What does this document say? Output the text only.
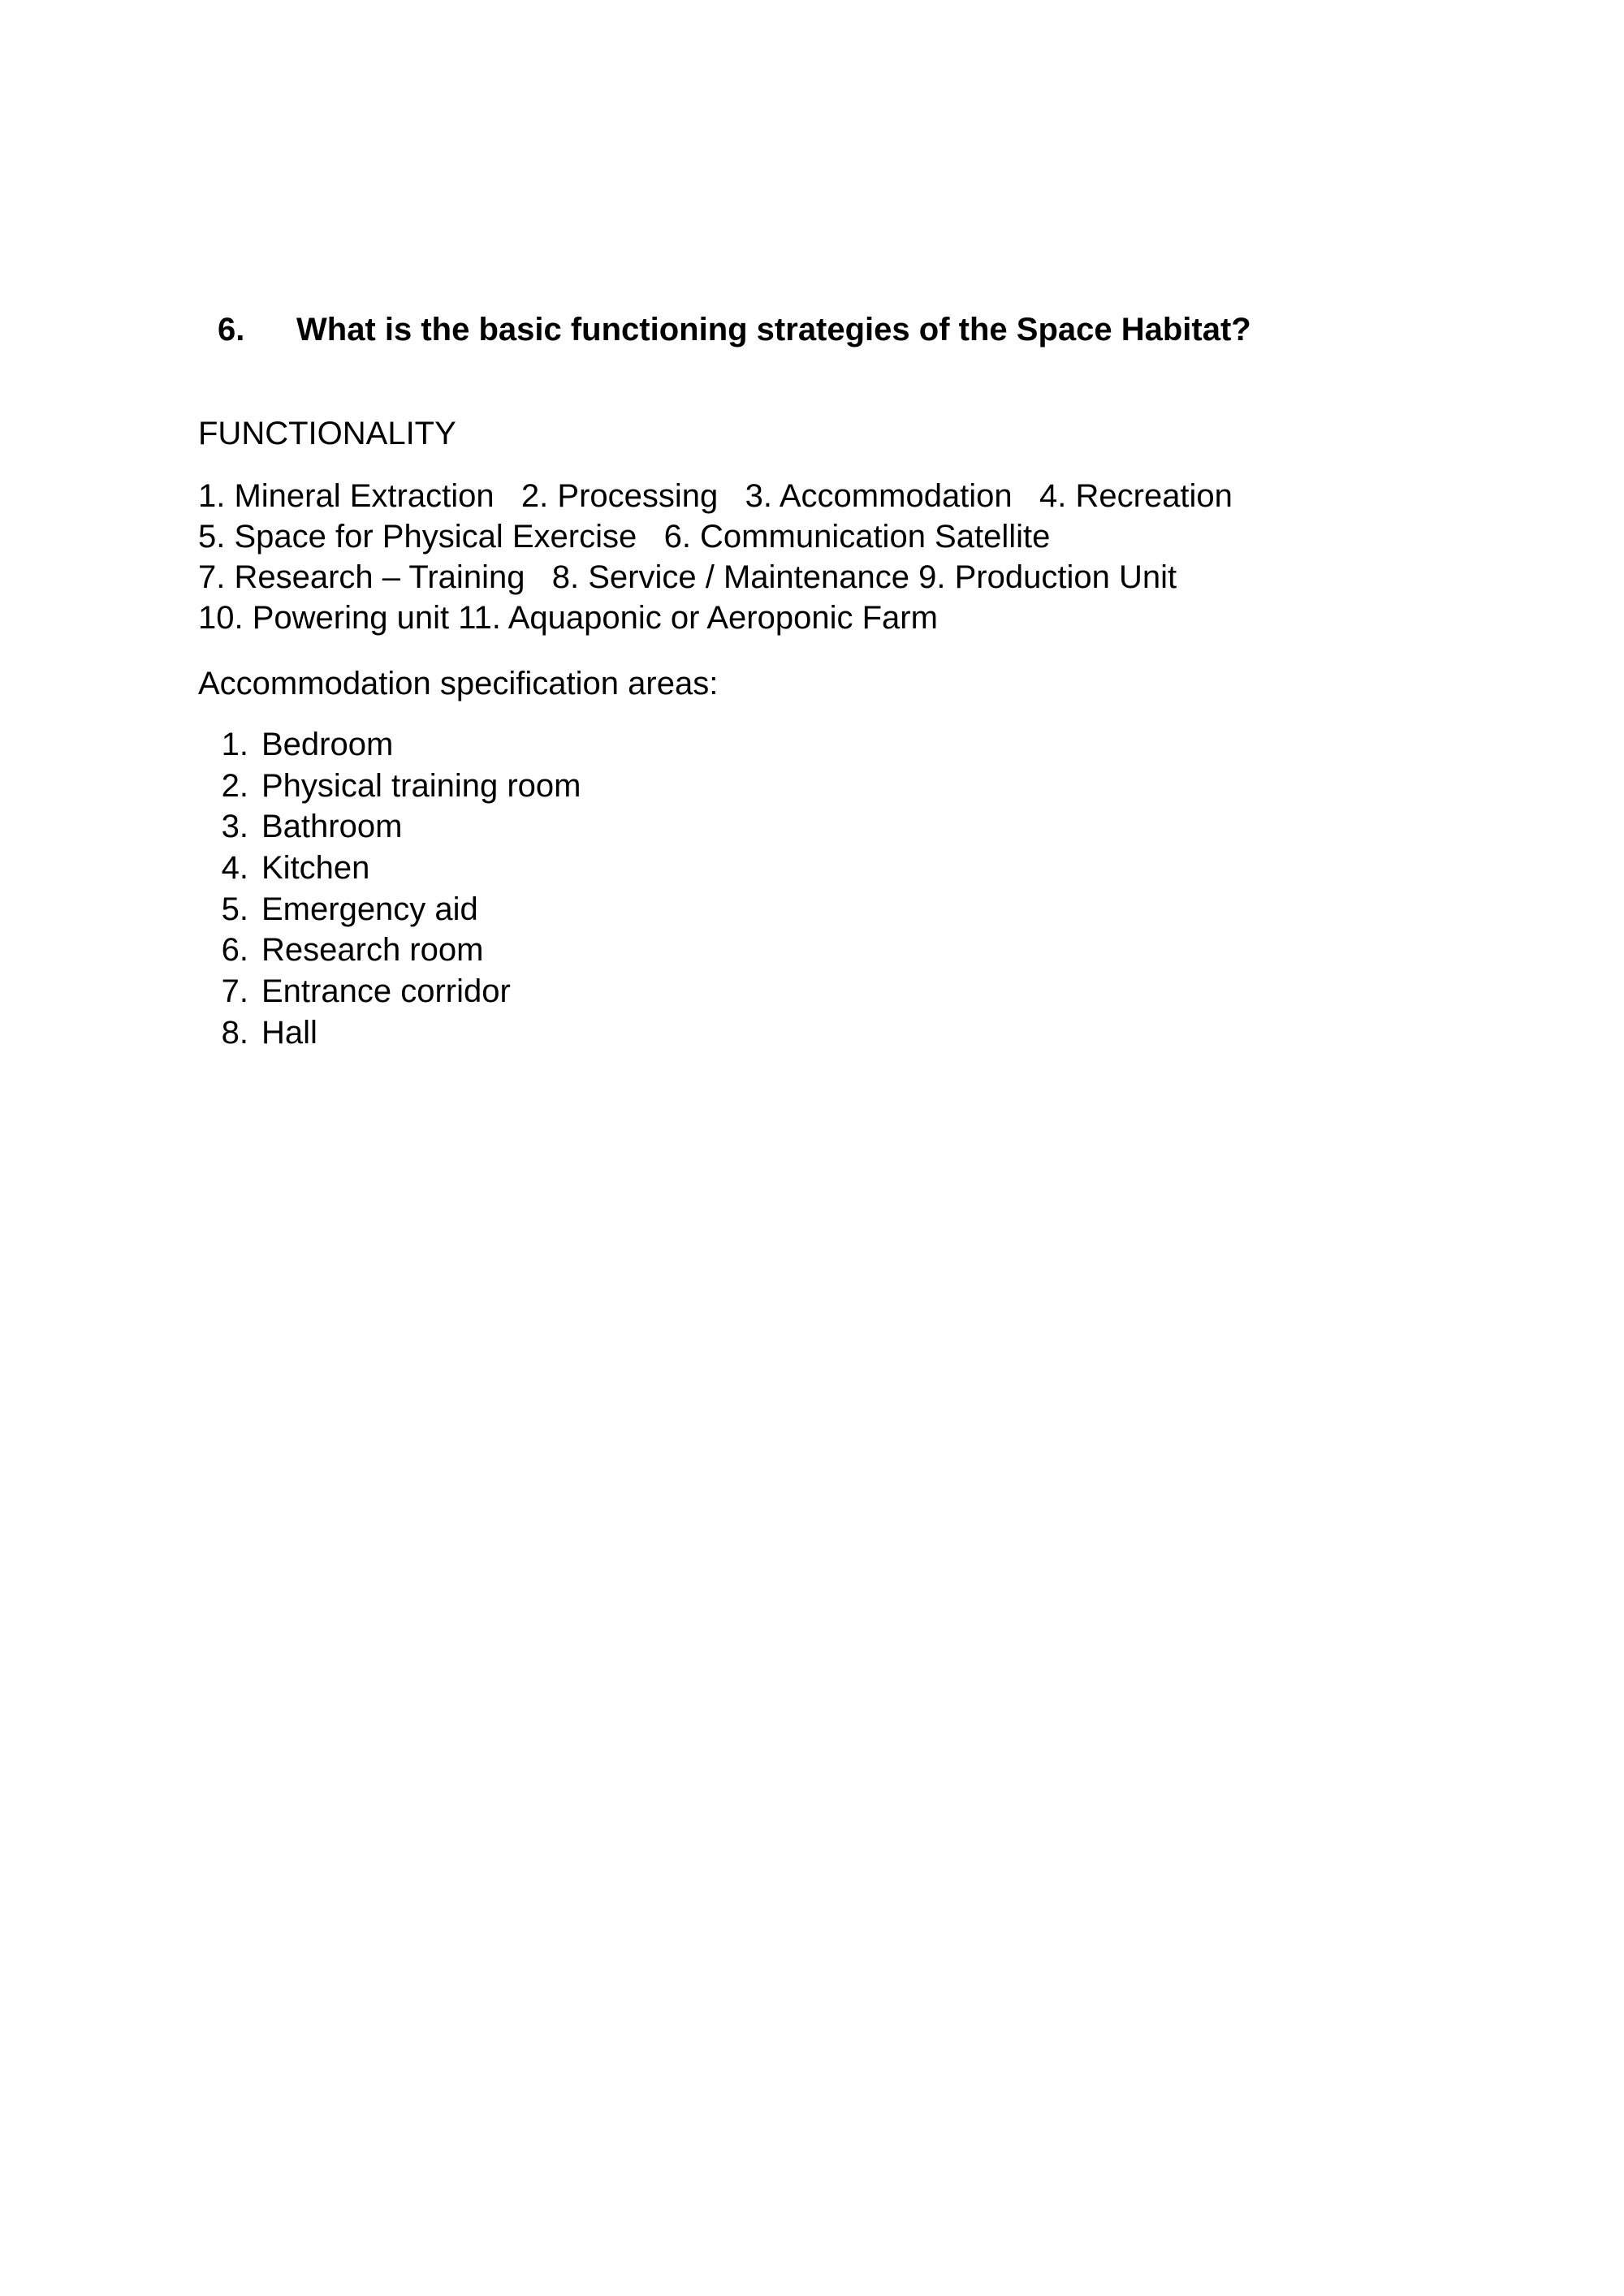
6. What is the basic functioning strategies of the Space Habitat?
FUNCTIONALITY
1. Mineral Extraction   2. Processing   3. Accommodation   4. Recreation
5. Space for Physical Exercise   6. Communication Satellite
7. Research – Training   8. Service / Maintenance 9. Production Unit
10. Powering unit 11. Aquaponic or Aeroponic Farm
Accommodation specification areas:
1. Bedroom
2. Physical training room
3. Bathroom
4. Kitchen
5. Emergency aid
6. Research room
7. Entrance corridor
8. Hall
